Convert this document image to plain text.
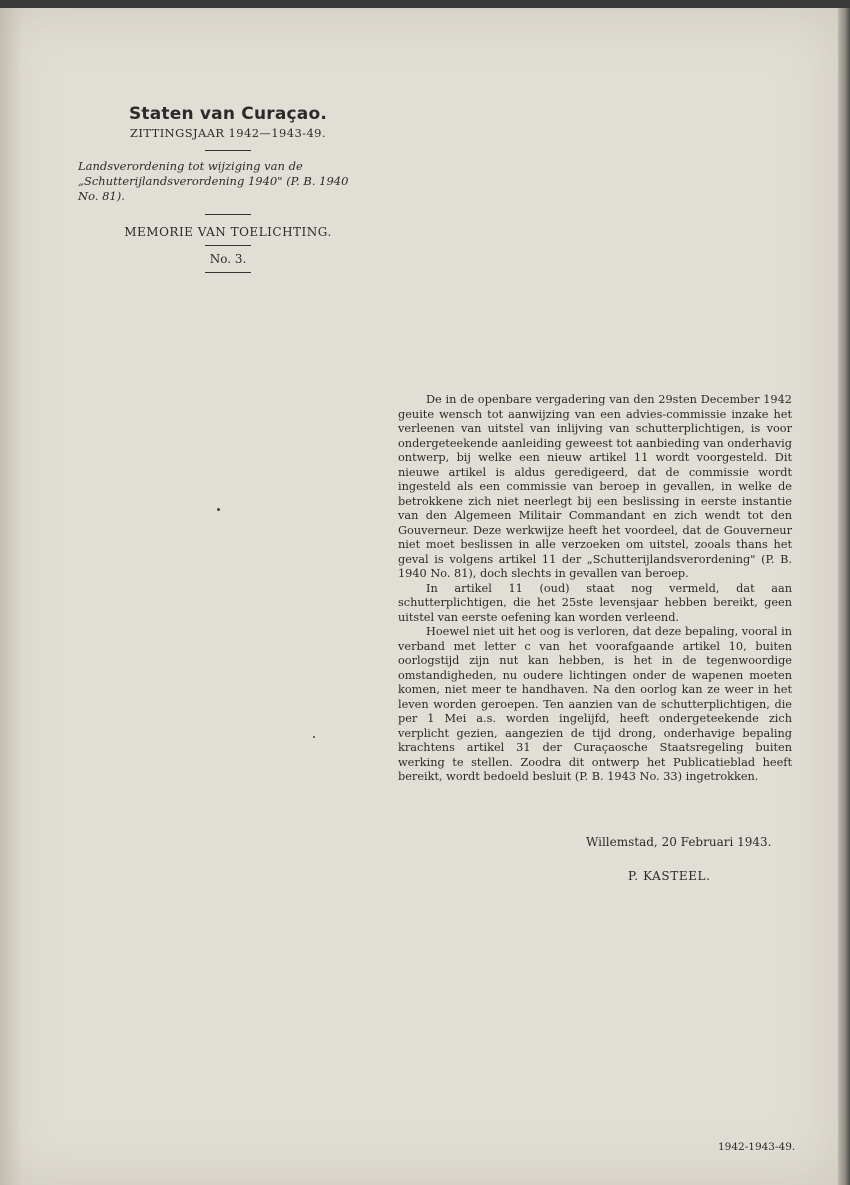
Staten van Curaçao.
ZITTINGSJAAR 1942—1943-49.
Landsverordening tot wijziging van de „Schutterijlandsverordening 1940" (P. B. 1940 No. 81).
MEMORIE VAN TOELICHTING.
No. 3.

De in de openbare vergadering van den 29sten December 1942 geuite wensch tot aanwijzing van een advies-commissie inzake het verleenen van uitstel van inlijving van schutterplichtigen, is voor ondergeteekende aanleiding geweest tot aanbieding van onderhavig ontwerp, bij welke een nieuw artikel 11 wordt voorgesteld. Dit nieuwe artikel is aldus geredigeerd, dat de commissie wordt ingesteld als een commissie van beroep in gevallen, in welke de betrokkene zich niet neerlegt bij een beslissing in eerste instantie van den Algemeen Militair Commandant en zich wendt tot den Gouverneur. Deze werkwijze heeft het voordeel, dat de Gouverneur niet moet beslissen in alle verzoeken om uitstel, zooals thans het geval is volgens artikel 11 der „Schutterijlandsverordening" (P. B. 1940 No. 81), doch slechts in gevallen van beroep.

In artikel 11 (oud) staat nog vermeld, dat aan schutterplichtigen, die het 25ste levensjaar hebben bereikt, geen uitstel van eerste oefening kan worden verleend.

Hoewel niet uit het oog is verloren, dat deze bepaling, vooral in verband met letter c van het voorafgaande artikel 10, buiten oorlogstijd zijn nut kan hebben, is het in de tegenwoordige omstandigheden, nu oudere lichtingen onder de wapenen moeten komen, niet meer te handhaven. Na den oorlog kan ze weer in het leven worden geroepen. Ten aanzien van de schutterplichtigen, die per 1 Mei a.s. worden ingelijfd, heeft ondergeteekende zich verplicht gezien, aangezien de tijd drong, onderhavige bepaling krachtens artikel 31 der Curaçaosche Staatsregeling buiten werking te stellen. Zoodra dit ontwerp het Publicatieblad heeft bereikt, wordt bedoeld besluit (P. B. 1943 No. 33) ingetrokken.

Willemstad, 20 Februari 1943.
P. KASTEEL.
1942-1943-49.
